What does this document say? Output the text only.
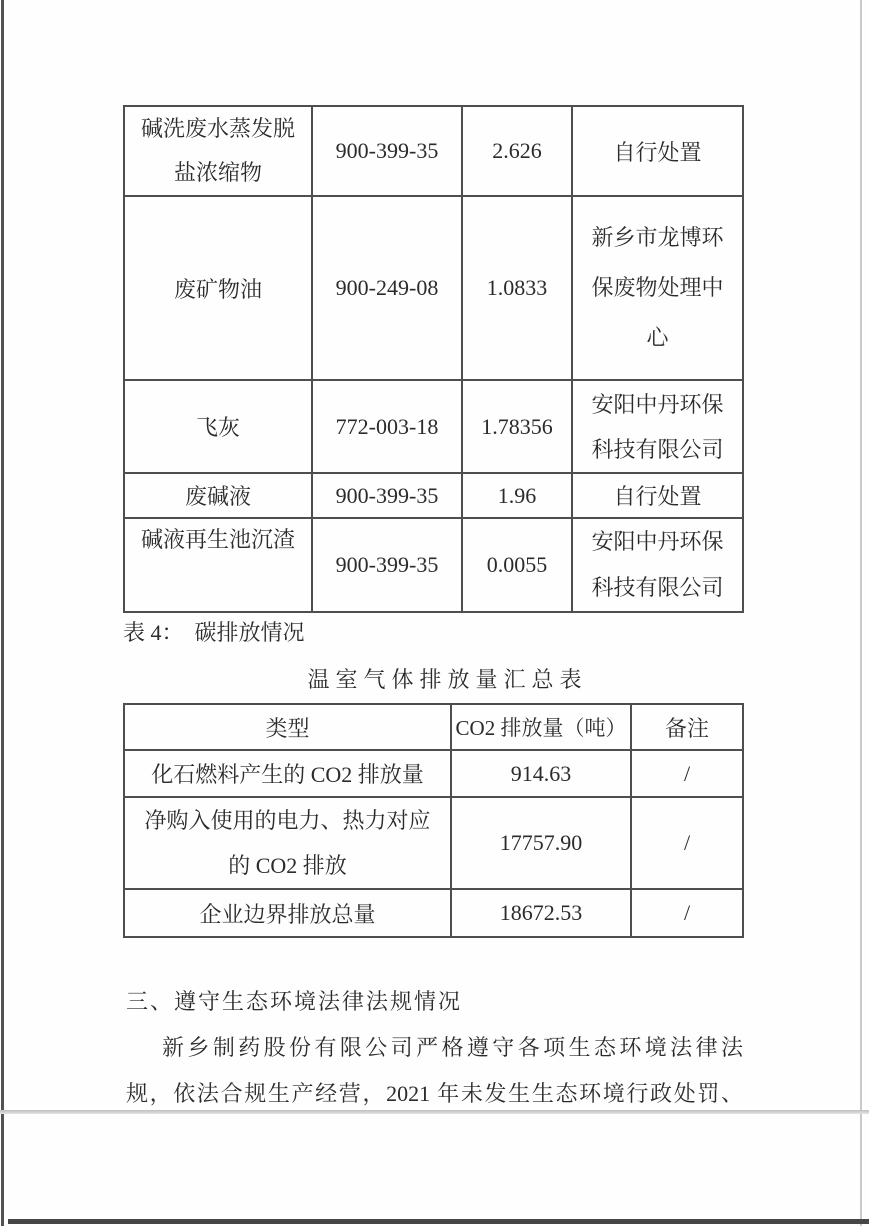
碱洗废水蒸发脱
盐浓缩物	900-399-35	2.626	自行处置
废矿物油	900-249-08	1.0833	新乡市龙博环
保废物处理中
心

飞灰	772-003-18	1.78356	安阳中丹环保
科技有限公司

废碱液	900-399-35	1.96	自行处置
碱液再生池沉渣	900-399-35	0.0055	安阳中丹环保
科技有限公司
表 4：  碳排放情况
温室气体排放量汇总表
类型	CO2 排放量（吨）	备注
化石燃料产生的 CO2 排放量	914.63	/

净购入使用的电力、热力对应
的 CO2 排放	17757.90	/
企业边界排放总量	18672.53	/
三、遵守生态环境法律法规情况
新乡制药股份有限公司严格遵守各项生态环境法律法
规，依法合规生产经营，2021 年未发生生态环境行政处罚、
